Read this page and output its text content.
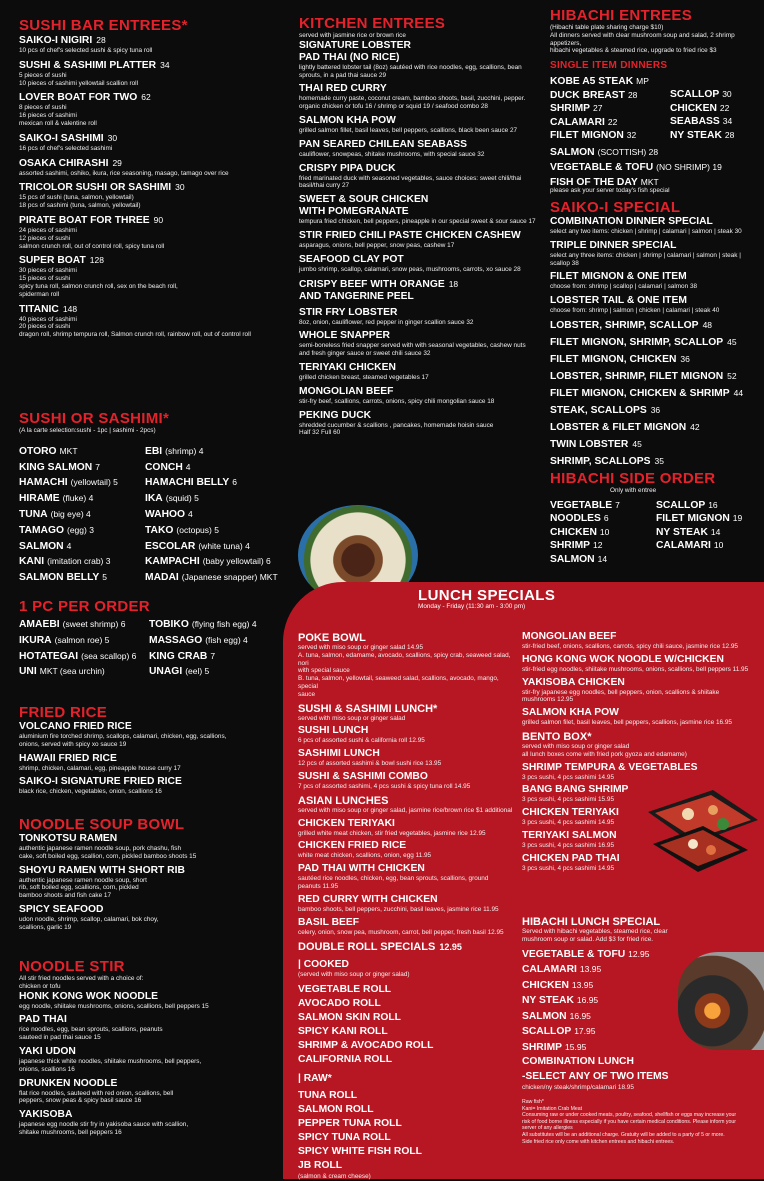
SUSHI BAR ENTREES*
SAIKO-I NIGIRI 28
10 pcs of chef's selected sushi & spicy tuna roll
SUSHI & SASHIMI PLATTER 34
5 pieces of sushi
10 pieces of sashimi yellowtail scallion roll
LOVER BOAT FOR TWO 62
8 pieces of sushi
16 pieces of sashimi
mexican roll & valentine roll
SAIKO-I SASHIMI 30
16 pcs of chef's selected sashimi
OSAKA CHIRASHI 29
assorted sashimi, oshiko, ikura, rice seasoning, masago, tamago over rice
TRICOLOR SUSHI OR SASHIMI 30
15 pcs of sushi (tuna, salmon, yellowtail)
18 pcs of sashimi (tuna, salmon, yellowtail)
PIRATE BOAT FOR THREE 90
24 pieces of sashimi
12 pieces of sushi
salmon crunch roll, out of control roll, spicy tuna roll
SUPER BOAT 128
30 pieces of sashimi
15 pieces of sushi
spicy tuna roll, salmon crunch roll, sex on the beach roll,
spiderman roll
TITANIC 148
40 pieces of sashimi
20 pieces of sushi
dragon roll, shrimp tempura roll, Salmon crunch roll, rainbow roll, out of control roll
SUSHI OR SASHIMI*
(A la carte selection:sushi - 1pc | sashimi - 2pcs)
OTORO MKT
KING SALMON 7
HAMACHI (yellowtail) 5
HIRAME (fluke) 4
TUNA (big eye) 4
TAMAGO (egg) 3
SALMON 4
KANI (imitation crab) 3
SALMON BELLY 5
EBI (shrimp) 4
CONCH 4
HAMACHI BELLY 6
IKA (squid) 5
WAHOO 4
TAKO (octopus) 5
ESCOLAR (white tuna) 4
KAMPACHI (baby yellowtail) 6
MADAI (Japanese snapper) MKT
1 PC PER ORDER
AMAEBI (sweet shrimp) 6
IKURA (salmon roe) 5
HOTATEGAI (sea scallop) 6
UNI MKT (sea urchin)
TOBIKO (flying fish egg) 4
MASSAGO (fish egg) 4
KING CRAB 7
UNAGI (eel) 5
FRIED RICE
VOLCANO FRIED RICE
aluminium fire torched shrimp, scallops, calamari, chicken, egg, scallions,
onions, served with spicy xo sauce 19
HAWAII FRIED RICE
shrimp, chicken, calamari, egg, pineapple house curry 17
SAIKO-I SIGNATURE FRIED RICE
black rice, chicken, vegetables, onion, scallions 16
NOODLE SOUP BOWL
TONKOTSU RAMEN
authentic japanese ramen noodle soup, pork chashu, fish
cake, soft boiled egg, scallion, corn, pickled bamboo shoots 15
SHOYU RAMEN WITH SHORT RIB
authentic japanese ramen noodle soup, short
rib, soft boiled egg, scallions, corn, pickled
bamboo shoots and fish cake 17
SPICY SEAFOOD
udon noodle, shrimp, scallop, calamari, bok choy,
scallions, garlic 19
NOODLE STIR
All stir fried noodles served with a choice of:
chicken or tofu
HONK KONG WOK NOODLE
egg noodle, shiitake mushrooms, onions, scallions, bell peppers 15
PAD THAI
rice noodles, egg, bean sprouts, scallions, peanuts
sauteed in pad thai sauce 15
YAKI UDON
japanese thick white noodles, shiitake mushrooms, bell peppers,
onions, scallions 16
DRUNKEN NOODLE
flat rice noodles, sauteed with red onion, scallions, bell
peppers, snow peas & spicy basil sauce 16
YAKISOBA
japanese egg noodle stir fry in yakisoba sauce with scallion,
shitake mushrooms, bell peppers 16
KITCHEN ENTREES
served with jasmine rice or brown rice
SIGNATURE LOBSTER
PAD THAI (NO RICE)
lightly battered lobster tail (8oz) sautéed with rice noodles, egg, scallions, bean
sprouts, in a pad thai sauce 29
THAI RED CURRY
homemade curry paste, coconut cream, bamboo shoots, basil, zucchini, pepper.
organic chicken or tofu 16 / shrimp or squid 19 / seafood combo 28
SALMON KHA POW
grilled salmon fillet, basil leaves, bell peppers, scallions, black been sauce 27
PAN SEARED CHILEAN SEABASS
cauliflower, snowpeas, shitake mushrooms, with special sauce 32
CRISPY PIPA DUCK
fried marinated duck with seasoned vegetables, sauce choices: sweet chili/thai
basil/thai curry 27
SWEET & SOUR CHICKEN
WITH POMEGRANATE
tempura fried chicken, bell peppers, pineapple in our special sweet & sour sauce 17
STIR FRIED CHILI PASTE CHICKEN CASHEW
asparagus, onions, bell pepper, snow peas, cashew 17
SEAFOOD CLAY POT
jumbo shrimp, scallop, calamari, snow peas, mushrooms, carrots, xo sauce 28
CRISPY BEEF WITH ORANGE 18
AND TANGERINE PEEL
STIR FRY LOBSTER
8oz, onion, cauliflower, red pepper in ginger scallion sauce 32
WHOLE SNAPPER
semi-boneless fried snapper served with with seasonal vegetables, cashew nuts
and fresh ginger sauce or sweet chili sauce 32
TERIYAKI CHICKEN
grilled chicken breast, steamed vegetables 17
MONGOLIAN BEEF
stir-fry beef, scallions, carrots, onions, spicy chili mongolian sauce 18
PEKING DUCK
shredded cucumber & scallions , pancakes, homemade hoisin sauce
Half 32 Full 60
HIBACHI ENTREES
(Hibachi table plate sharing charge $10)
All dinners served with clear mushroom soup and salad, 2 shrimp appetizers,
hibachi vegetables & steamed rice, upgrade to fried rice $3
SINGLE ITEM DINNERS
KOBE A5 STEAK MP
DUCK BREAST 28
SHRIMP 27
CALAMARI 22
FILET MIGNON 32
SCALLOP 30
CHICKEN 22
SEABASS 34
NY STEAK 28
SALMON (SCOTTISH) 28
VEGETABLE & TOFU (NO SHRIMP) 19
FISH OF THE DAY MKT
please ask your server today's fish special
SAIKO-I SPECIAL
COMBINATION DINNER SPECIAL
select any two items: chicken | shrimp | calamari | salmon | steak 30
TRIPLE DINNER SPECIAL
select any three items: chicken | shrimp | calamari | salmon | steak | scallop 38
FILET MIGNON & ONE ITEM
choose from: shrimp | scallop | calamari | salmon 38
LOBSTER TAIL & ONE ITEM
choose from: shrimp | salmon | chicken | calamari | steak 40
LOBSTER, SHRIMP, SCALLOP 48
FILET MIGNON, SHRIMP, SCALLOP 45
FILET MIGNON, CHICKEN 36
LOBSTER, SHRIMP, FILET MIGNON 52
FILET MIGNON, CHICKEN & SHRIMP 44
STEAK, SCALLOPS 36
LOBSTER & FILET MIGNON 42
TWIN LOBSTER 45
SHRIMP, SCALLOPS 35
HIBACHI SIDE ORDER
Only with entree
VEGETABLE 7
NOODLES 6
CHICKEN 10
SHRIMP 12
SALMON 14
SCALLOP 16
FILET MIGNON 19
NY STEAK 14
CALAMARI 10
LUNCH SPECIALS
Monday - Friday (11:30 am - 3:00 pm)
POKE BOWL
served with miso soup or ginger salad 14.95
A. tuna, salmon, edamame, avocado, scallions, spicy crab, seaweed salad, nori
with special sauce
B. tuna, salmon, yellowtail, seaweed salad, scallions, avocado, mango, special
sauce
SUSHI & SASHIMI LUNCH*
served with miso soup or ginger salad
SUSHI LUNCH
6 pcs of assorted sushi & california roll 12.95
SASHIMI LUNCH
12 pcs of assorted sashimi & bowl sushi rice 13.95
SUSHI & SASHIMI COMBO
7 pcs of assorted sashimi, 4 pcs sushi & spicy tuna roll 14.95
ASIAN LUNCHES
served with miso soup or ginger salad, jasmine rice/brown rice $1 additional
CHICKEN TERIYAKI
grilled white meat chicken, stir fried vegetables, jasmine rice 12.95
CHICKEN FRIED RICE
white meat chicken, scallions, onion, egg 11.95
PAD THAI WITH CHICKEN
sautéed rice noodles, chicken, egg, bean sprouts, scallions, ground
peanuts 11.95
RED CURRY WITH CHICKEN
bamboo shoots, bell peppers, zucchini, basil leaves, jasmine rice 11.95
BASIL BEEF
celery, onion, snow pea, mushroom, carrot, bell pepper, fresh basil 12.95
DOUBLE ROLL SPECIALS 12.95
| COOKED
(served with miso soup or ginger salad)
VEGETABLE ROLL
AVOCADO ROLL
SALMON SKIN ROLL
SPICY KANI ROLL
SHRIMP & AVOCADO ROLL
CALIFORNIA ROLL
| RAW*
TUNA ROLL
SALMON ROLL
PEPPER TUNA ROLL
SPICY TUNA ROLL
SPICY WHITE FISH ROLL
JB ROLL
(salmon & cream cheese)
MONGOLIAN BEEF
stir-fried beef, onions, scallions, carrots, spicy chili sauce, jasmine rice 12.95
HONG KONG WOK NOODLE W/CHICKEN
stir-fried egg noodles, shiitake mushrooms, onions, scallions, bell peppers 11.95
YAKISOBA CHICKEN
stir-fry japanese egg noodles, bell peppers, onion, scallions & shiitake
mushrooms 12.95
SALMON KHA POW
grilled salmon filet, basil leaves, bell peppers, scallions, jasmine rice 16.95
BENTO BOX*
served with miso soup or ginger salad
all lunch boxes come with fried pork gyoza and edamame)
SHRIMP TEMPURA & VEGETABLES
3 pcs sushi, 4 pcs sashimi 14.95
BANG BANG SHRIMP
3 pcs sushi, 4 pcs sashimi 15.95
CHICKEN TERIYAKI
3 pcs sushi, 4 pcs sashimi 14.95
TERIYAKI SALMON
3 pcs sushi, 4 pcs sashimi 16.95
CHICKEN PAD THAI
3 pcs sushi, 4 pcs sashimi 14.95
HIBACHI LUNCH SPECIAL
Served with hibachi vegetables, steamed rice, clear
mushroom soup or salad. Add $3 for fried rice.
VEGETABLE & TOFU 12.95
CALAMARI 13.95
CHICKEN 13.95
NY STEAK 16.95
SALMON 16.95
SCALLOP 17.95
SHRIMP 15.95
COMBINATION LUNCH
-SELECT ANY OF TWO ITEMS
chicken/ny steak/shrimp/calamari 18.95
Raw fish*
Kani= Imitation Crab Meat
Consuming raw or under cooked meats, poultry, seafood, shellfish or eggs may increase your
risk of food borne illness especially if you have certain medical conditions. Please inform your
server of any allergies
All substitutes will be an additional charge. Gratuity will be added to a party of 5 or more.
Side fried rice only come with kitchen entrees and hibachi entrees.
